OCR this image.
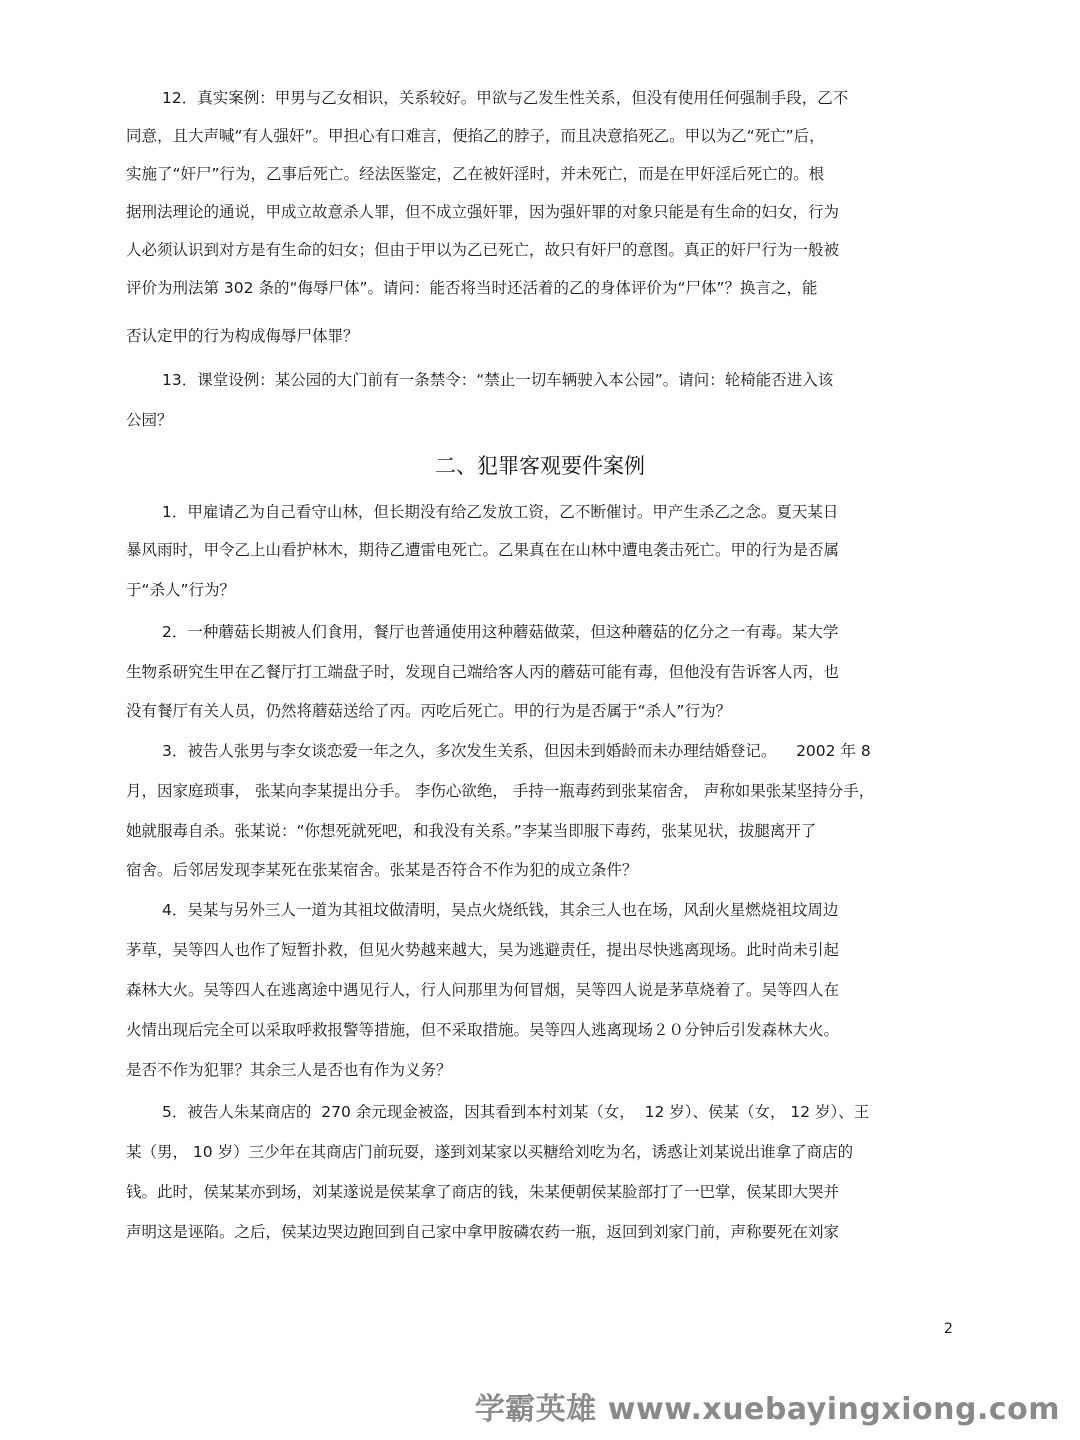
12．真实案例：甲男与乙女相识，关系较好。甲欲与乙发生性关系，但没有使用任何强制手段，乙不
同意，且大声喊“有人强奸”。甲担心有口难言，便掐乙的脖子，而且决意掐死乙。甲以为乙“死亡”后，
实施了“奸尸”行为，乙事后死亡。经法医鉴定，乙在被奸淫时，并未死亡，而是在甲奸淫后死亡的。根
据刑法理论的通说，甲成立故意杀人罪，但不成立强奸罪，因为强奸罪的对象只能是有生命的妇女，行为
人必须认识到对方是有生命的妇女；但由于甲以为乙已死亡，故只有奸尸的意图。真正的奸尸行为一般被
评价为刑法第 302 条的“侮辱尸体”。请问：能否将当时还活着的乙的身体评价为“尸体”？换言之，能
否认定甲的行为构成侮辱尸体罪？
13．课堂设例：某公园的大门前有一条禁令：“禁止一切车辆驶入本公园”。请问：轮椅能否进入该
公园？
二、犯罪客观要件案例
1．甲雇请乙为自己看守山林，但长期没有给乙发放工资，乙不断催讨。甲产生杀乙之念。夏天某日
暴风雨时，甲令乙上山看护林木，期待乙遭雷电死亡。乙果真在在山林中遭电袭击死亡。甲的行为是否属
于“杀人”行为？
2．一种蘑菇长期被人们食用，餐厅也普通使用这种蘑菇做菜，但这种蘑菇的亿分之一有毒。某大学
生物系研究生甲在乙餐厅打工端盘子时，发现自己端给客人丙的蘑菇可能有毒，但他没有告诉客人丙，也
没有餐厅有关人员，仍然将蘑菇送给了丙。丙吃后死亡。甲的行为是否属于“杀人”行为？
3．被告人张男与李女谈恋爱一年之久，多次发生关系，但因未到婚龄而未办理结婚登记。    2002 年 8
月，因家庭琐事， 张某向李某提出分手。 李伤心欲绝， 手持一瓶毒药到张某宿舍， 声称如果张某坚持分手，
她就服毒自杀。张某说：“你想死就死吧，和我没有关系。”李某当即服下毒药，张某见状，拔腿离开了
宿舍。后邻居发现李某死在张某宿舍。张某是否符合不作为犯的成立条件？
4．吴某与另外三人一道为其祖坟做清明，吴点火烧纸钱，其余三人也在场，风刮火星燃烧祖坟周边
茅草，吴等四人也作了短暂扑救，但见火势越来越大，吴为逃避责任，提出尽快逃离现场。此时尚未引起
森林大火。吴等四人在逃离途中遇见行人，行人问那里为何冒烟，吴等四人说是茅草烧着了。吴等四人在
火情出现后完全可以采取呼救报警等措施，但不采取措施。吴等四人逃离现场２０分钟后引发森林大火。
是否不作为犯罪？其余三人是否也有作为义务？
5．被告人朱某商店的  270 余元现金被盗，因其看到本村刘某（女，  12 岁）、侯某（女， 12 岁）、王
某（男， 10 岁）三少年在其商店门前玩耍，遂到刘某家以买糖给刘吃为名，诱惑让刘某说出谁拿了商店的
钱。此时，侯某某亦到场，刘某遂说是侯某拿了商店的钱，朱某便朝侯某脸部打了一巴掌，侯某即大哭并
声明这是诬陷。之后，侯某边哭边跑回到自己家中拿甲胺磷农药一瓶，返回到刘家门前，声称要死在刘家
2
学霸英雄 www.xuebayingxiong.com
